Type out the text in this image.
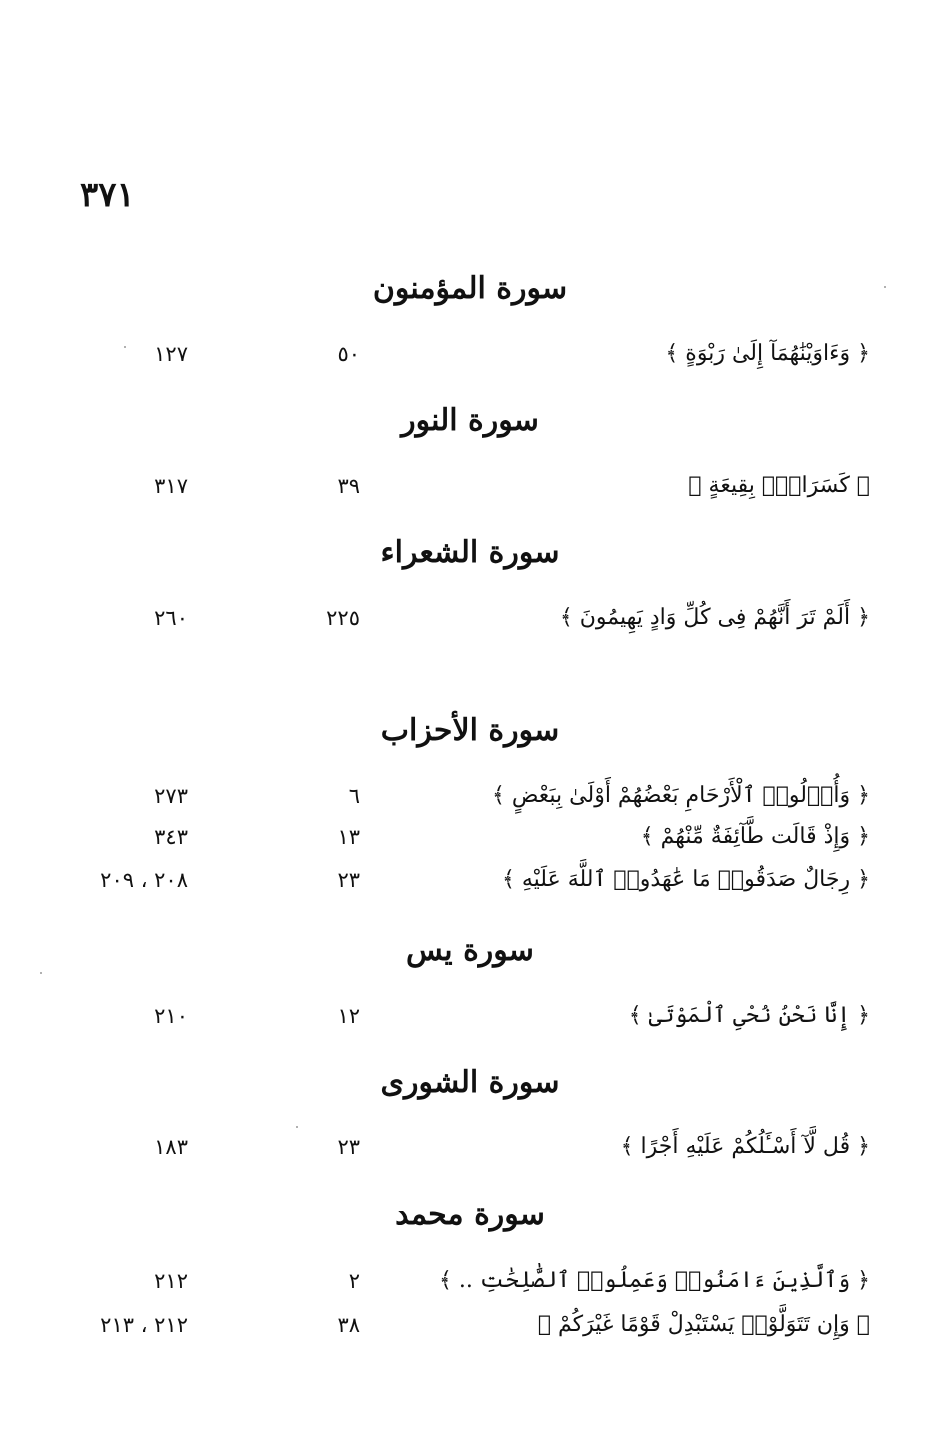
٣٧١
سورة المؤمنون
﴿ وَءَاوَيْنَٰهُمَآ إِلَىٰ رَبْوَةٍ ﴾
٥٠
١٢٧
سورة النور
﴿ كَسَرَابِۭ بِقِيعَةٍ ﴾
٣٩
٣١٧
سورة الشعراء
﴿ أَلَمْ تَرَ أَنَّهُمْ فِى كُلِّ وَادٍ يَهِيمُونَ ﴾
٢٢٥
٢٦٠
سورة الأحزاب
﴿ وَأُو۟لُوا۟ ٱلْأَرْحَامِ بَعْضُهُمْ أَوْلَىٰ بِبَعْضٍ ﴾
٦
٢٧٣
﴿ وَإِذْ قَالَت طَّآئِفَةٌ مِّنْهُمْ ﴾
١٣
٣٤٣
﴿ رِجَالٌ صَدَقُوا۟ مَا عَٰهَدُوا۟ ٱللَّهَ عَلَيْهِ ﴾
٢٣
٢٠٨ ، ٢٠٩
سورة يس
﴿ إِنَّا نَحْنُ نُحْىِ ٱلْمَوْتَىٰ ﴾
١٢
٢١٠
سورة الشورى
﴿ قُل لَّآ أَسْـَٔلُكُمْ عَلَيْهِ أَجْرًا ﴾
٢٣
١٨٣
سورة محمد
﴿ وَٱلَّذِينَ ءَامَنُوا۟ وَعَمِلُوا۟ ٱلصَّٰلِحَٰتِ .. ﴾
٢
٢١٢
﴿ وَإِن تَتَوَلَّوْا۟ يَسْتَبْدِلْ قَوْمًا غَيْرَكُمْ ﴾
٣٨
٢١٢ ، ٢١٣
